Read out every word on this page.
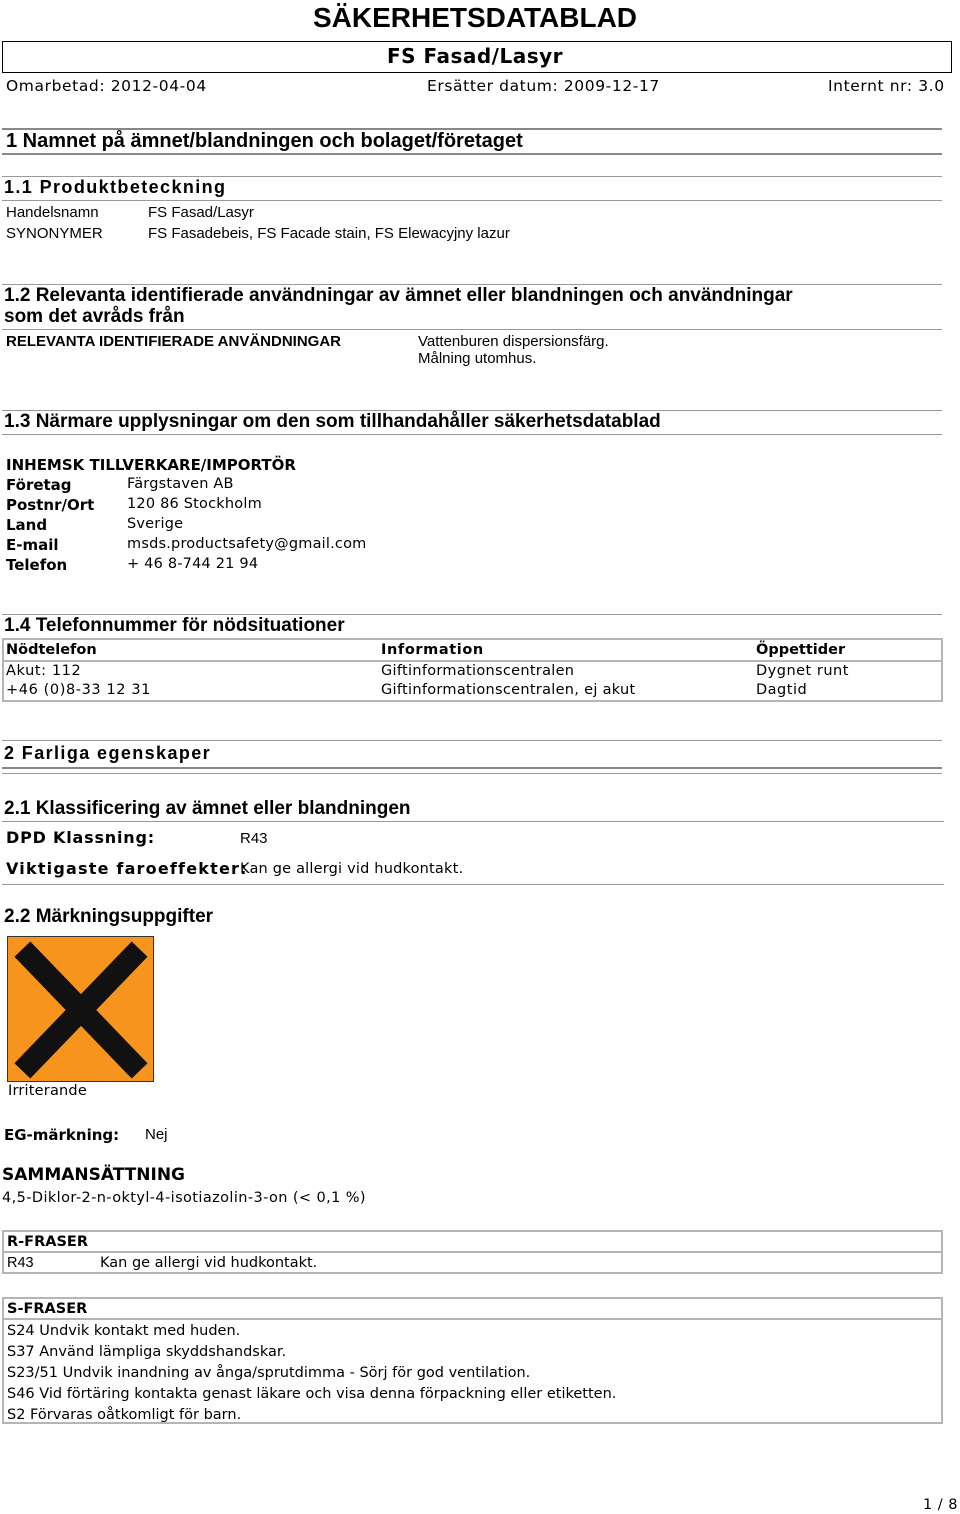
SÄKERHETSDATABLAD
FS Fasad/Lasyr
Omarbetad: 2012-04-04	Ersätter datum: 2009-12-17	Internt nr: 3.0
1 Namnet på ämnet/blandningen och bolaget/företaget
1.1 Produktbeteckning
Handelsnamn	FS Fasad/Lasyr
SYNONYMER	FS Fasadebeis, FS Facade stain, FS Elewacyjny lazur
1.2 Relevanta identifierade användningar av ämnet eller blandningen och användningar
som det avråds från
RELEVANTA IDENTIFIERADE ANVÄNDNINGAR	Vattenburen dispersionsfärg.
Målning utomhus.
1.3 Närmare upplysningar om den som tillhandahåller säkerhetsdatablad
INHEMSK TILLVERKARE/IMPORTÖR
Företag	Färgstaven AB
Postnr/Ort 120 86 Stockholm
Land	Sverige
E-mail	msds.productsafety@gmail.com
Telefon	+ 46 8-744 21 94
1.4 Telefonnummer för nödsituationer
Nödtelefon	Information	Öppettider
Akut: 112	Giftinformationscentralen	Dygnet runt
+46 (0)8-33 12 31	Giftinformationscentralen, ej akut	Dagtid
2 Farliga egenskaper
2.1 Klassificering av ämnet eller blandningen
DPD Klassning:	R43
Viktigaste faroeffekter:
Kan ge allergi vid hudkontakt.
2.2 Märkningsuppgifter
Irriterande
EG-märkning: Nej
SAMMANSÄTTNING
4,5-Diklor-2-n-oktyl-4-isotiazolin-3-on (< 0,1 %)
R-FRASER
R43	Kan ge allergi vid hudkontakt.
S-FRASER
S24 Undvik kontakt med huden.
S37 Använd lämpliga skyddshandskar.
S23/51 Undvik inandning av ånga/sprutdimma - Sörj för god ventilation.
S46 Vid förtäring kontakta genast läkare och visa denna förpackning eller etiketten.
S2 Förvaras oåtkomligt för barn.
1 / 8
